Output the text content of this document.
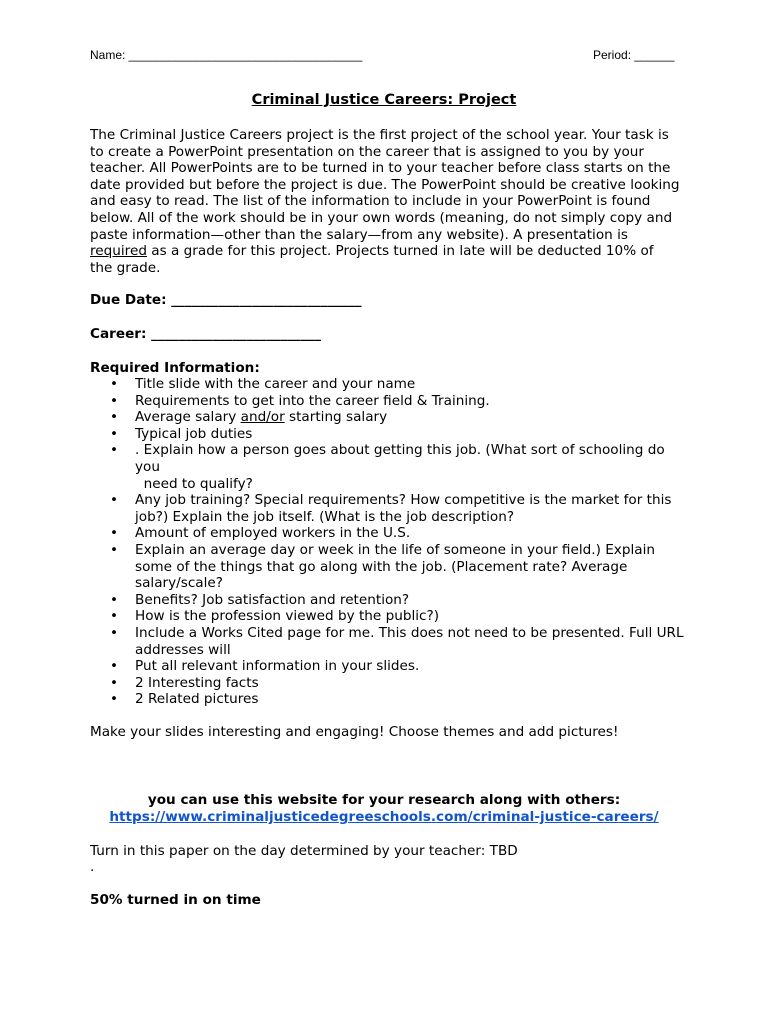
Name: ___________________________________	Period: ______
Criminal Justice Careers: Project
The Criminal Justice Careers project is the first project of the school year. Your task is to create a PowerPoint presentation on the career that is assigned to you by your teacher. All PowerPoints are to be turned in to your teacher before class starts on the date provided but before the project is due. The PowerPoint should be creative looking and easy to read. The list of the information to include in your PowerPoint is found below. All of the work should be in your own words (meaning, do not simply copy and paste information—other than the salary—from any website). A presentation is required as a grade for this project. Projects turned in late will be deducted 10% of the grade.
Due Date: ____________________________
Career: _________________________
Required Information:
• Title slide with the career and your name
• Requirements to get into the career field & Training.
• Average salary and/or starting salary
• Typical job duties
• . Explain how a person goes about getting this job. (What sort of schooling do you
need to qualify?
• Any job training? Special requirements? How competitive is the market for this job?) Explain the job itself. (What is the job description?
• Amount of employed workers in the U.S.
• Explain an average day or week in the life of someone in your field.) Explain some of the things that go along with the job. (Placement rate? Average salary/scale?
• Benefits? Job satisfaction and retention?
• How is the profession viewed by the public?)
• Include a Works Cited page for me. This does not need to be presented. Full URL addresses will
• Put all relevant information in your slides.
• 2 Interesting facts
• 2 Related pictures
Make your slides interesting and engaging! Choose themes and add pictures!
you can use this website for your research along with others:
https://www.criminaljusticedegreeschools.com/criminal-justice-careers/
Turn in this paper on the day determined by your teacher: TBD
.
50% turned in on time
